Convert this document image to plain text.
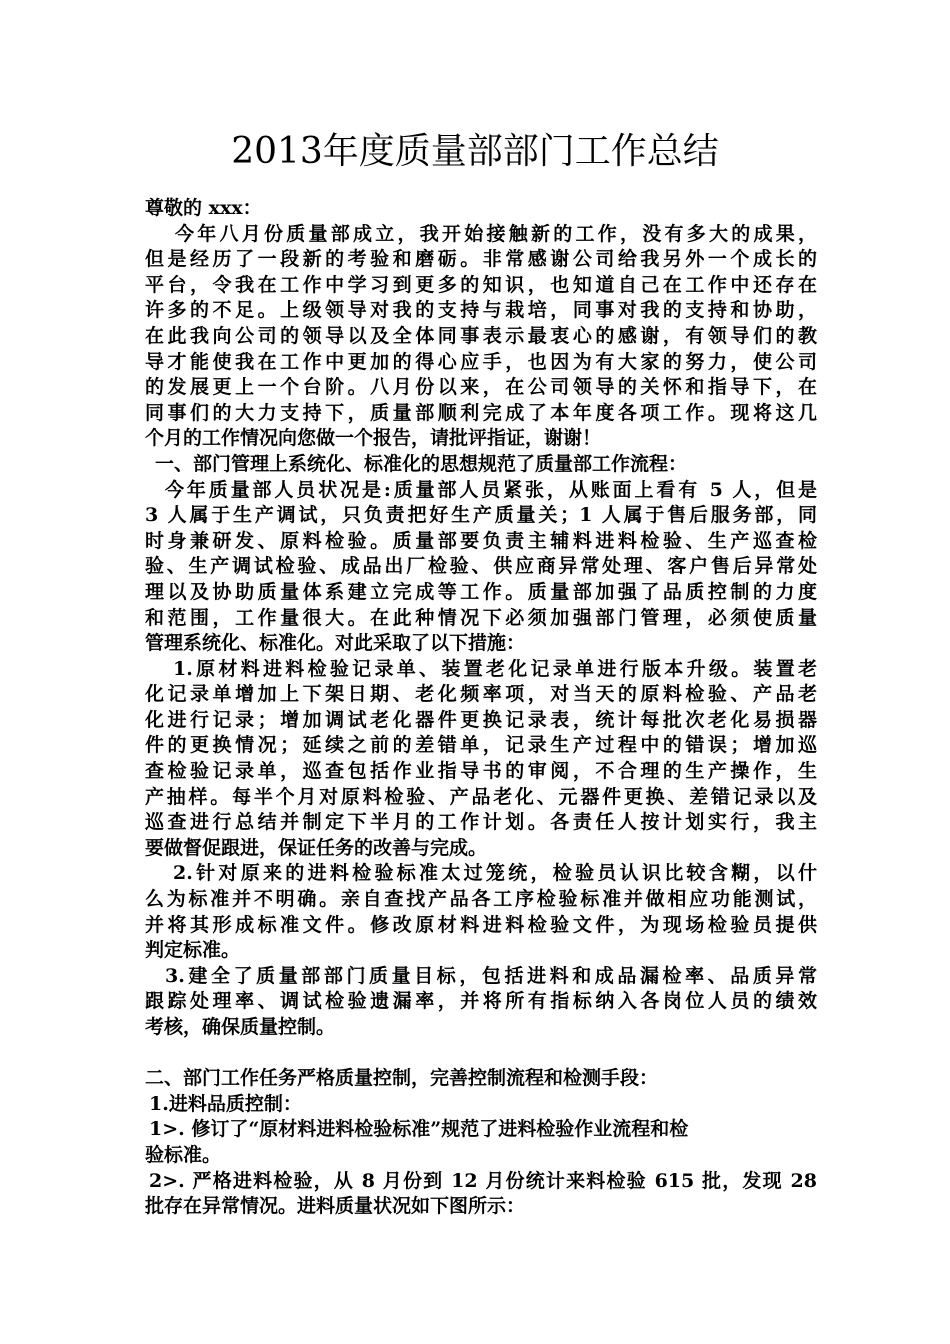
2013年度质量部部门工作总结
尊敬的 xxx：
今年八月份质量部成立，我开始接触新的工作，没有多大的成果，
但是经历了一段新的考验和磨砺。非常感谢公司给我另外一个成长的
平台，令我在工作中学习到更多的知识，也知道自己在工作中还存在
许多的不足。上级领导对我的支持与栽培，同事对我的支持和协助，
在此我向公司的领导以及全体同事表示最衷心的感谢，有领导们的教
导才能使我在工作中更加的得心应手，也因为有大家的努力，使公司
的发展更上一个台阶。八月份以来，在公司领导的关怀和指导下，在
同事们的大力支持下，质量部顺利完成了本年度各项工作。现将这几
个月的工作情况向您做一个报告，请批评指证，谢谢！
一、部门管理上系统化、标准化的思想规范了质量部工作流程：
今年质量部人员状况是:质量部人员紧张，从账面上看有 5 人，但是
3 人属于生产调试，只负责把好生产质量关；1 人属于售后服务部，同
时身兼研发、原料检验。质量部要负责主辅料进料检验、生产巡查检
验、生产调试检验、成品出厂检验、供应商异常处理、客户售后异常处
理以及协助质量体系建立完成等工作。质量部加强了品质控制的力度
和范围，工作量很大。在此种情况下必须加强部门管理，必须使质量
管理系统化、标准化。对此采取了以下措施：
1.原材料进料检验记录单、装置老化记录单进行版本升级。装置老
化记录单增加上下架日期、老化频率项，对当天的原料检验、产品老
化进行记录；增加调试老化器件更换记录表，统计每批次老化易损器
件的更换情况；延续之前的差错单，记录生产过程中的错误；增加巡
查检验记录单，巡查包括作业指导书的审阅，不合理的生产操作，生
产抽样。每半个月对原料检验、产品老化、元器件更换、差错记录以及
巡查进行总结并制定下半月的工作计划。各责任人按计划实行，我主
要做督促跟进，保证任务的改善与完成。
2.针对原来的进料检验标准太过笼统，检验员认识比较含糊，以什
么为标准并不明确。亲自查找产品各工序检验标准并做相应功能测试，
并将其形成标准文件。修改原材料进料检验文件，为现场检验员提供
判定标准。
3.建全了质量部部门质量目标，包括进料和成品漏检率、品质异常
跟踪处理率、调试检验遗漏率，并将所有指标纳入各岗位人员的绩效
考核，确保质量控制。
二、部门工作任务严格质量控制，完善控制流程和检测手段：
1.进料品质控制：
1>. 修订了“原材料进料检验标准”规范了进料检验作业流程和检
验标准。
2>. 严格进料检验，从 8 月份到 12 月份统计来料检验 615 批，发现 28
批存在异常情况。进料质量状况如下图所示：
